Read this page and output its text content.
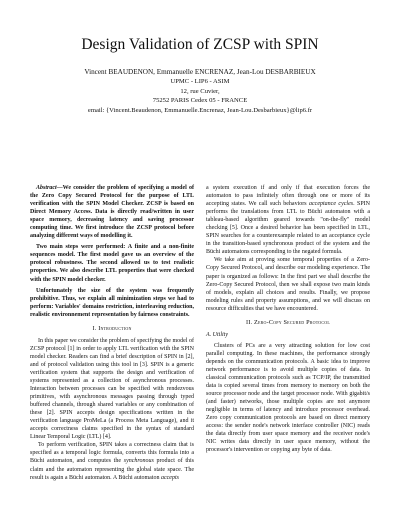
Design Validation of ZCSP with SPIN
Vincent BEAUDENON, Emmanuelle ENCRENAZ, Jean-Lou DESBARBIEUX
UPMC - LIP6 - ASIM
12, rue Cuvier,
75252 PARIS Cedex 05 - FRANCE
email: {Vincent.Beaudenon, Emmanuelle.Encrenaz, Jean-Lou.Desbarbieux}@lip6.fr

Abstract—We consider the problem of specifying a model of the Zero Copy Secured Protocol for the purpose of LTL verification with the SPIN Model Checker. ZCSP is based on Direct Memory Access. Data is directly read/written in user space memory, decreasing latency and saving processor computing time. We first introduce the ZCSP protocol before analyzing different ways of modelling it.

Two main steps were performed: A finite and a non-finite sequences model. The first model gave us an overview of the protocol robustness. The second allowed us to test realistic properties. We also describe LTL properties that were checked with the SPIN model checker.

Unfortunately the size of the system was frequently prohibitive. Thus, we explain all minimization steps we had to perform: Variables' domains restriction, interleaving reduction, realistic environnement representation by fairness constraints.

I. Introduction

In this paper we consider the problem of specifying the model of ZCSP protocol [1] in order to apply LTL verification with the SPIN model checker. Readers can find a brief description of SPIN in [2], and of protocol validation using this tool in [3]. SPIN is a generic verification system that supports the design and verification of systems represented as a collection of asynchronous processes. Interaction between processes can be specified with rendezvous primitives, with asynchronous messages passing through typed buffered channels, through shared variables or any combination of these [2]. SPIN accepts design specifications written in the verification language ProMeLa (a Process Meta Language), and it accepts correctness claims specified in the syntax of standard Linear Temporal Logic (LTL) [4].

To perform verification, SPIN takes a correctness claim that is specified as a temporal logic formula, converts this formula into a Büchi automaton, and computes the synchronous product of this claim and the automaton representing the global state space. The result is again a Büchi automaton. A Büchi automaton accepts

a system execution if and only if that execution forces the automaton to pass infinitely often through one or more of its accepting states. We call such behaviors acceptance cycles. SPIN performs the translations from LTL to Büchi automaton with a tableau-based algorithm geared towards "on-the-fly" model checking [5]. Once a desired behavior has been specified in LTL, SPIN searches for a counterexample related to an acceptance cycle in the transition-based synchronous product of the system and the Büchi automatons corresponding to the negated formula.

We take aim at proving some temporal properties of a Zero-Copy Secured Protocol, and describe our modeling experience. The paper is organized as follows: In the first part we shall describe the Zero-Copy Secured Protocol, then we shall expose two main kinds of models, explain all choices and results. Finally, we propose modeling rules and property assumptions, and we will discuss on resource difficulties that we have encountered.

II. Zero-Copy Secured Protocol
A. Utility

Clusters of PCs are a very attracting solution for low cost parallel computing. In these machines, the performance strongly depends on the communication protocols. A basic idea to improve network performance is to avoid multiple copies of data. In classical communication protocols such as TCP/IP, the transmitted data is copied several times from memory to memory on both the source processor node and the target processor node. With gigabit/s (and faster) networks, those multiple copies are not anymore negligible in terms of latency and introduce processor overhead. Zero copy communication protocols are based on direct memory access: the sender node's network interface controller (NIC) reads the data directly from user space memory and the receiver node's NIC writes data directly in user space memory, without the processor's intervention or copying any byte of data.
